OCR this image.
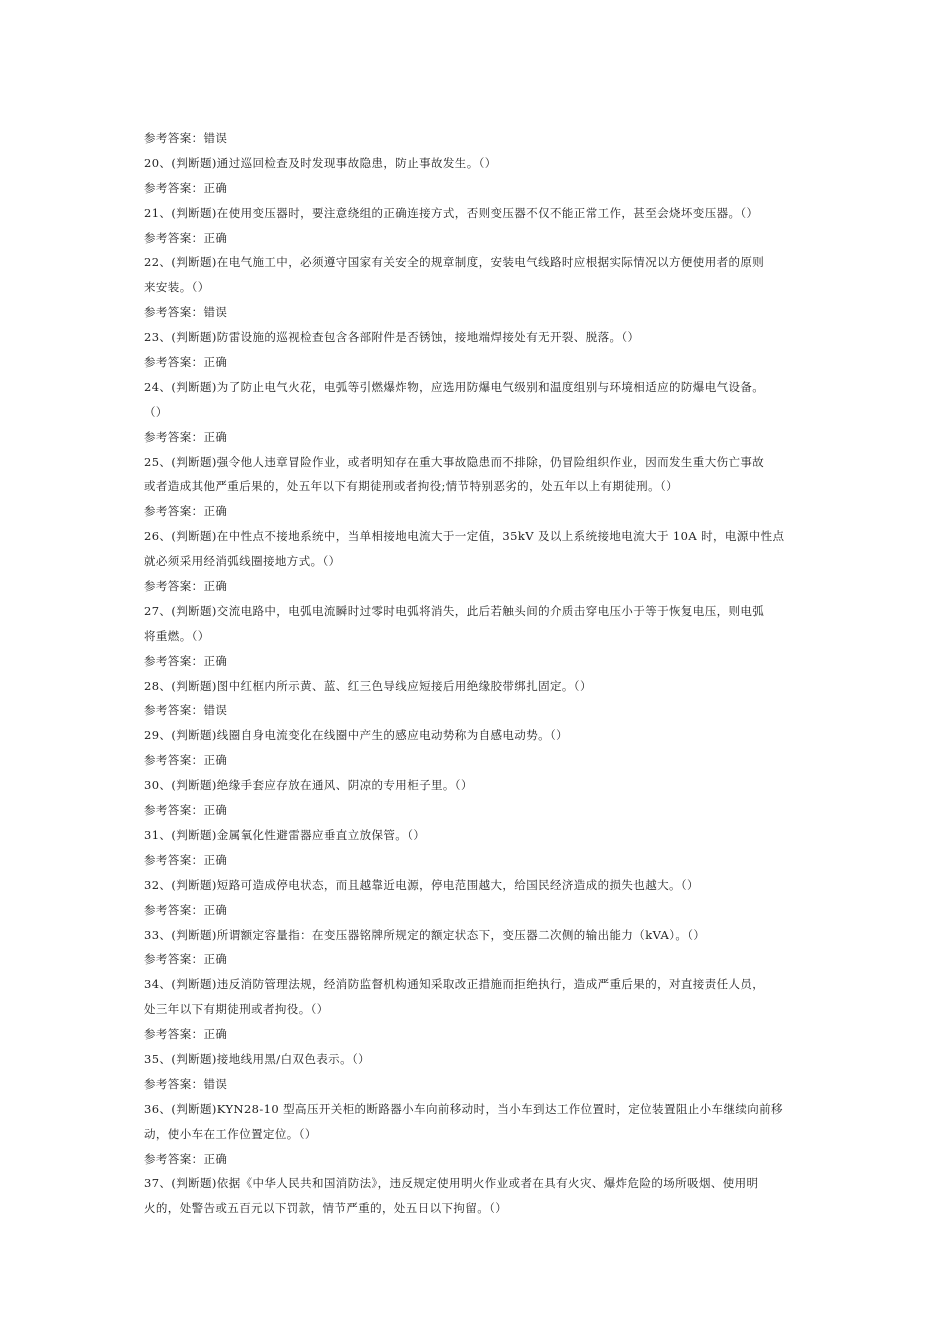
参考答案：错误
20、(判断题)通过巡回检查及时发现事故隐患，防止事故发生。（）
参考答案：正确
21、(判断题)在使用变压器时，要注意绕组的正确连接方式，否则变压器不仅不能正常工作，甚至会烧坏变压器。（）
参考答案：正确
22、(判断题)在电气施工中，必须遵守国家有关安全的规章制度，安装电气线路时应根据实际情况以方便使用者的原则
来安装。（）
参考答案：错误
23、(判断题)防雷设施的巡视检查包含各部附件是否锈蚀，接地端焊接处有无开裂、脱落。（）
参考答案：正确
24、(判断题)为了防止电气火花，电弧等引燃爆炸物，应选用防爆电气级别和温度组别与环境相适应的防爆电气设备。
（）
参考答案：正确
25、(判断题)强令他人违章冒险作业，或者明知存在重大事故隐患而不排除，仍冒险组织作业，因而发生重大伤亡事故
或者造成其他严重后果的，处五年以下有期徒刑或者拘役;情节特别恶劣的，处五年以上有期徒刑。（）
参考答案：正确
26、(判断题)在中性点不接地系统中，当单相接地电流大于一定值，35kV 及以上系统接地电流大于 10A 时，电源中性点
就必须采用经消弧线圈接地方式。（）
参考答案：正确
27、(判断题)交流电路中，电弧电流瞬时过零时电弧将消失，此后若触头间的介质击穿电压小于等于恢复电压，则电弧
将重燃。（）
参考答案：正确
28、(判断题)图中红框内所示黄、蓝、红三色导线应短接后用绝缘胶带绑扎固定。（）
参考答案：错误
29、(判断题)线圈自身电流变化在线圈中产生的感应电动势称为自感电动势。（）
参考答案：正确
30、(判断题)绝缘手套应存放在通风、阴凉的专用柜子里。（）
参考答案：正确
31、(判断题)金属氧化性避雷器应垂直立放保管。（）
参考答案：正确
32、(判断题)短路可造成停电状态，而且越靠近电源，停电范围越大，给国民经济造成的损失也越大。（）
参考答案：正确
33、(判断题)所谓额定容量指：在变压器铭牌所规定的额定状态下，变压器二次侧的输出能力（kVA）。（）
参考答案：正确
34、(判断题)违反消防管理法规，经消防监督机构通知采取改正措施而拒绝执行，造成严重后果的，对直接责任人员，
处三年以下有期徒刑或者拘役。（）
参考答案：正确
35、(判断题)接地线用黑/白双色表示。（）
参考答案：错误
36、(判断题)KYN28-10 型高压开关柜的断路器小车向前移动时，当小车到达工作位置时，定位装置阻止小车继续向前移
动，使小车在工作位置定位。（）
参考答案：正确
37、(判断题)依据《中华人民共和国消防法》，违反规定使用明火作业或者在具有火灾、爆炸危险的场所吸烟、使用明
火的，处警告或五百元以下罚款，情节严重的，处五日以下拘留。（）
